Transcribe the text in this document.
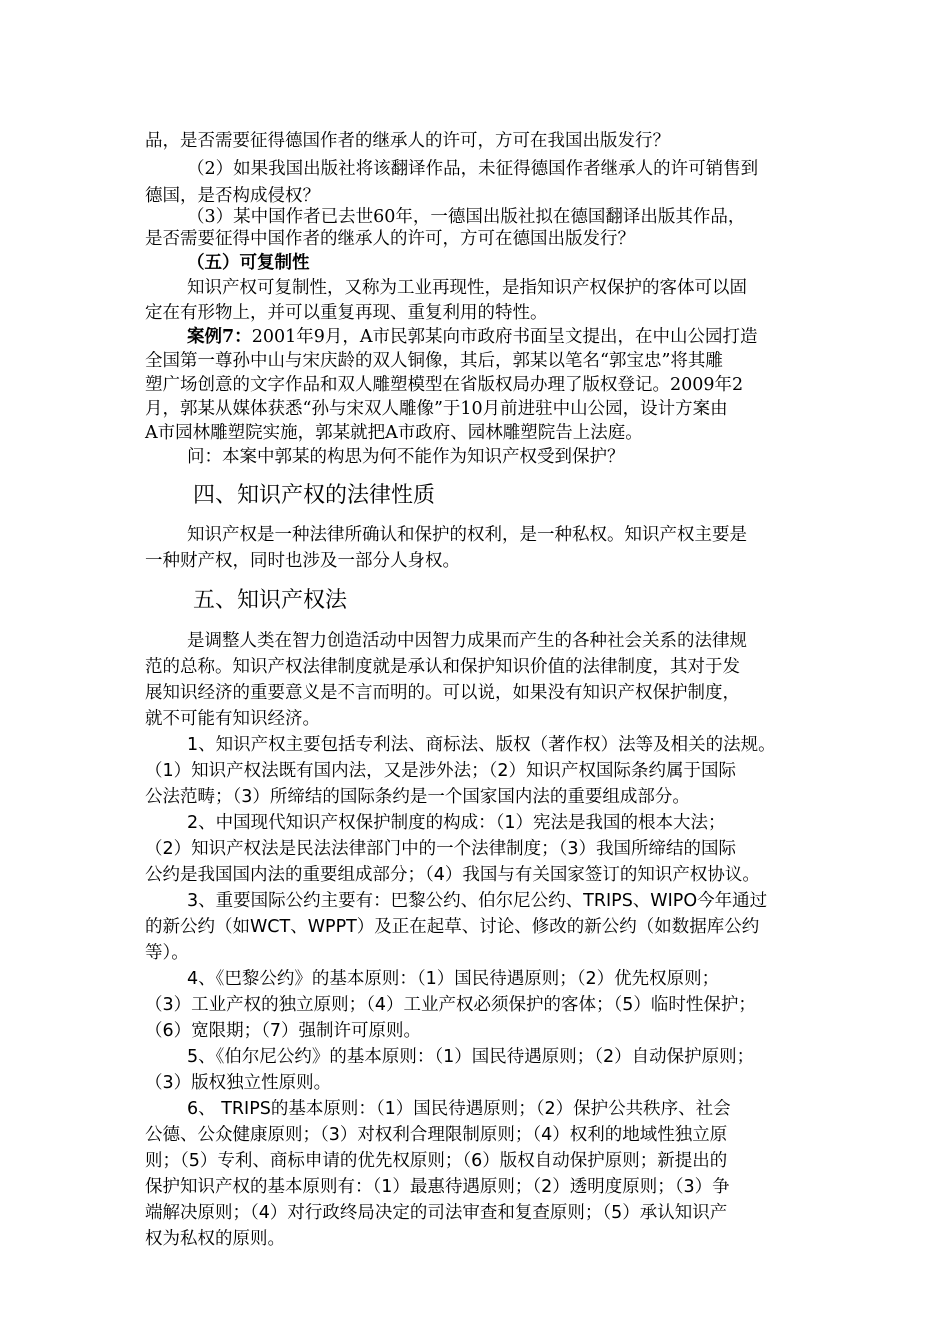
品，是否需要征得德国作者的继承人的许可，方可在我国出版发行？
（2）如果我国出版社将该翻译作品，未征得德国作者继承人的许可销售到
德国，是否构成侵权？
（3）某中国作者已去世60年，一德国出版社拟在德国翻译出版其作品，
是否需要征得中国作者的继承人的许可，方可在德国出版发行？
（五）可复制性
知识产权可复制性，又称为工业再现性，是指知识产权保护的客体可以固
定在有形物上，并可以重复再现、重复利用的特性。
案例7：2001年9月，A市民郭某向市政府书面呈文提出，在中山公园打造
全国第一尊孙中山与宋庆龄的双人铜像，其后，郭某以笔名“郭宝忠”将其雕
塑广场创意的文字作品和双人雕塑模型在省版权局办理了版权登记。2009年2
月，郭某从媒体获悉“孙与宋双人雕像”于10月前进驻中山公园，设计方案由
A市园林雕塑院实施，郭某就把A市政府、园林雕塑院告上法庭。
问：本案中郭某的构思为何不能作为知识产权受到保护？
四、知识产权的法律性质
知识产权是一种法律所确认和保护的权利，是一种私权。知识产权主要是
一种财产权，同时也涉及一部分人身权。
五、知识产权法
是调整人类在智力创造活动中因智力成果而产生的各种社会关系的法律规
范的总称。知识产权法律制度就是承认和保护知识价值的法律制度，其对于发
展知识经济的重要意义是不言而明的。可以说，如果没有知识产权保护制度，
就不可能有知识经济。
1、知识产权主要包括专利法、商标法、版权（著作权）法等及相关的法规。
（1）知识产权法既有国内法，又是涉外法；（2）知识产权国际条约属于国际
公法范畴；（3）所缔结的国际条约是一个国家国内法的重要组成部分。
2、中国现代知识产权保护制度的构成：（1）宪法是我国的根本大法；
（2）知识产权法是民法法律部门中的一个法律制度；（3）我国所缔结的国际
公约是我国国内法的重要组成部分；（4）我国与有关国家签订的知识产权协议。
3、重要国际公约主要有：巴黎公约、伯尔尼公约、TRIPS、WIPO今年通过
的新公约（如WCT、WPPT）及正在起草、讨论、修改的新公约（如数据库公约
等）。
4、《巴黎公约》的基本原则：（1）国民待遇原则；（2）优先权原则；
（3）工业产权的独立原则；（4）工业产权必须保护的客体；（5）临时性保护；
（6）宽限期；（7）强制许可原则。
5、《伯尔尼公约》的基本原则：（1）国民待遇原则；（2）自动保护原则；
（3）版权独立性原则。
6、 TRIPS的基本原则：（1）国民待遇原则；（2）保护公共秩序、社会
公德、公众健康原则；（3）对权利合理限制原则；（4）权利的地域性独立原
则；（5）专利、商标申请的优先权原则；（6）版权自动保护原则；新提出的
保护知识产权的基本原则有：（1）最惠待遇原则；（2）透明度原则；（3）争
端解决原则；（4）对行政终局决定的司法审查和复查原则；（5）承认知识产
权为私权的原则。
